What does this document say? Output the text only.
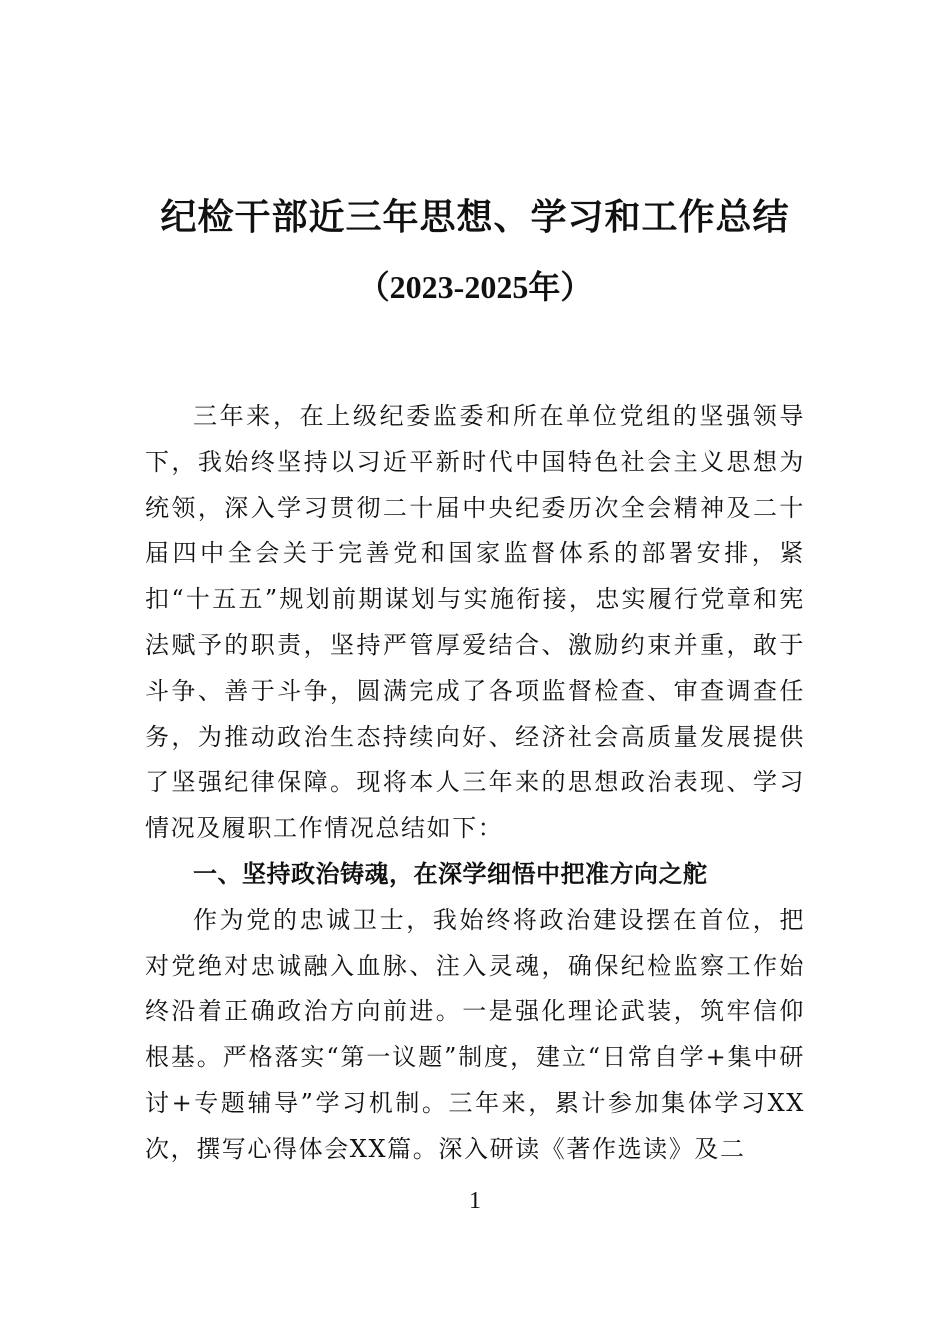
纪检干部近三年思想、学习和工作总结
（2023-2025年）

三年来，在上级纪委监委和所在单位党组的坚强领导下，我始终坚持以习近平新时代中国特色社会主义思想为统领，深入学习贯彻二十届中央纪委历次全会精神及二十届四中全会关于完善党和国家监督体系的部署安排，紧扣“十五五”规划前期谋划与实施衔接，忠实履行党章和宪法赋予的职责，坚持严管厚爱结合、激励约束并重，敢于斗争、善于斗争，圆满完成了各项监督检查、审查调查任务，为推动政治生态持续向好、经济社会高质量发展提供了坚强纪律保障。现将本人三年来的思想政治表现、学习情况及履职工作情况总结如下：

一、坚持政治铸魂，在深学细悟中把准方向之舵

作为党的忠诚卫士，我始终将政治建设摆在首位，把对党绝对忠诚融入血脉、注入灵魂，确保纪检监察工作始终沿着正确政治方向前进。一是强化理论武装，筑牢信仰根基。严格落实“第一议题”制度，建立“日常自学+集中研讨+专题辅导”学习机制。三年来，累计参加集体学习XX次，撰写心得体会XX篇。深入研读《著作选读》及二

1
